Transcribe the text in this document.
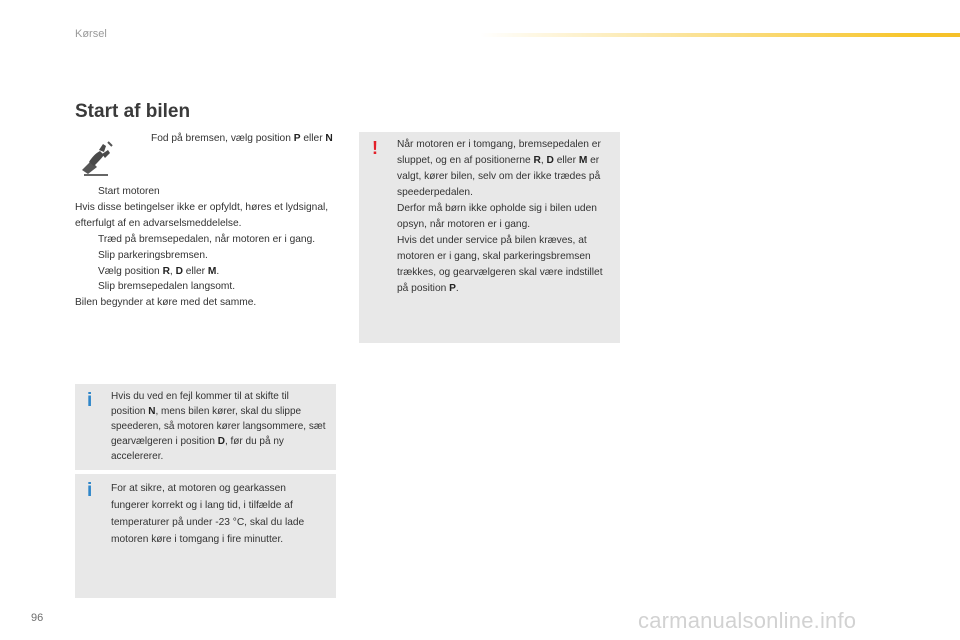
Kørsel
Start af bilen
Fod på bremsen, vælg position P eller N
Start motoren
Hvis disse betingelser ikke er opfyldt, høres et lydsignal, efterfulgt af en advarselsmeddelelse.
Træd på bremsepedalen, når motoren er i gang.
Slip parkeringsbremsen.
Vælg position R, D eller M.
Slip bremsepedalen langsomt.
Bilen begynder at køre med det samme.
! Når motoren er i tomgang, bremsepedalen er sluppet, og en af positionerne R, D eller M er valgt, kører bilen, selv om der ikke trædes på speederpedalen.
Derfor må børn ikke opholde sig i bilen uden opsyn, når motoren er i gang.
Hvis det under service på bilen kræves, at motoren er i gang, skal parkeringsbremsen trækkes, og gearvælgeren skal være indstillet på position P.
i Hvis du ved en fejl kommer til at skifte til position N, mens bilen kører, skal du slippe speederen, så motoren kører langsommere, sæt gearvælgeren i position D, før du på ny accelererer.
i For at sikre, at motoren og gearkassen fungerer korrekt og i lang tid, i tilfælde af temperaturer på under -23 °C, skal du lade motoren køre i tomgang i fire minutter.
96	carmanualsonline.info
